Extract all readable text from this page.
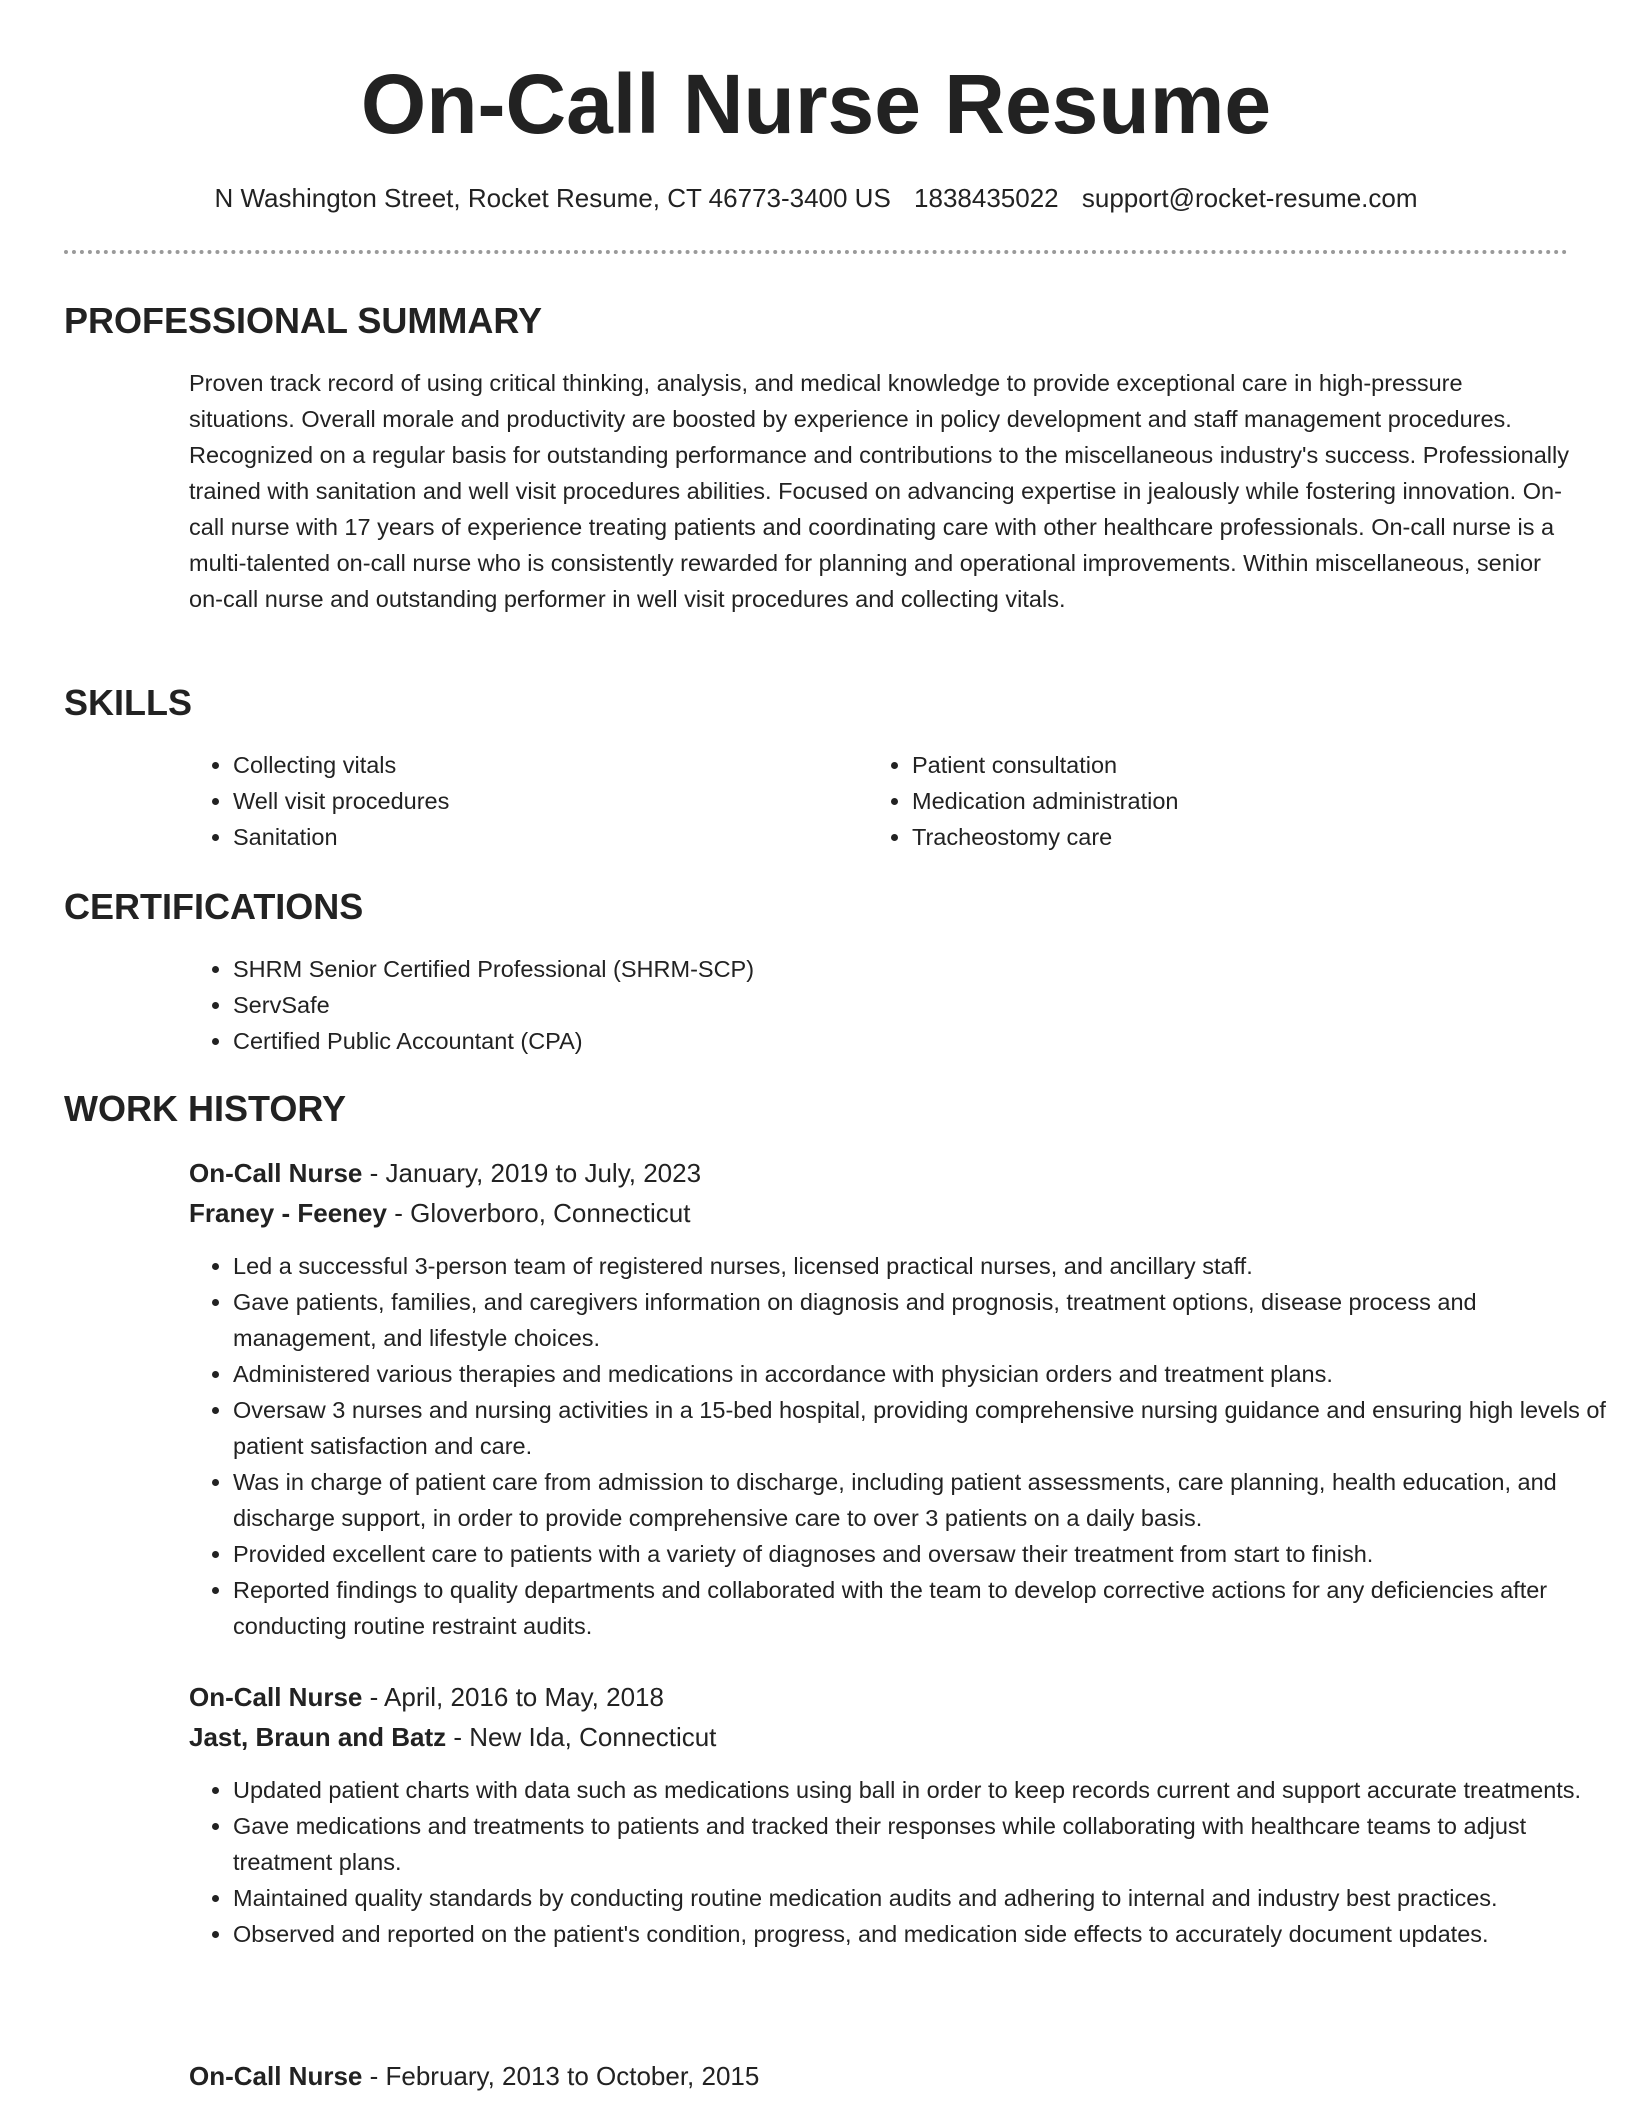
On-Call Nurse Resume
N Washington Street, Rocket Resume, CT 46773-3400 US 1838435022 support@rocket-resume.com
PROFESSIONAL SUMMARY

Proven track record of using critical thinking, analysis, and medical knowledge to provide exceptional care in high-pressure situations. Overall morale and productivity are boosted by experience in policy development and staff management procedures. Recognized on a regular basis for outstanding performance and contributions to the miscellaneous industry's success. Professionally trained with sanitation and well visit procedures abilities. Focused on advancing expertise in jealously while fostering innovation. On-call nurse with 17 years of experience treating patients and coordinating care with other healthcare professionals. On-call nurse is a multi-talented on-call nurse who is consistently rewarded for planning and operational improvements. Within miscellaneous, senior on-call nurse and outstanding performer in well visit procedures and collecting vitals.

SKILLS
• Collecting vitals
• Well visit procedures
• Sanitation
• Patient consultation
• Medication administration
• Tracheostomy care
CERTIFICATIONS
• SHRM Senior Certified Professional (SHRM-SCP)
• ServSafe
• Certified Public Accountant (CPA)
WORK HISTORY
On-Call Nurse - January, 2019 to July, 2023
Franey - Feeney - Gloverboro, Connecticut
• Led a successful 3-person team of registered nurses, licensed practical nurses, and ancillary staff.
• Gave patients, families, and caregivers information on diagnosis and prognosis, treatment options, disease process and management, and lifestyle choices.
• Administered various therapies and medications in accordance with physician orders and treatment plans.
• Oversaw 3 nurses and nursing activities in a 15-bed hospital, providing comprehensive nursing guidance and ensuring high levels of patient satisfaction and care.
• Was in charge of patient care from admission to discharge, including patient assessments, care planning, health education, and discharge support, in order to provide comprehensive care to over 3 patients on a daily basis.
• Provided excellent care to patients with a variety of diagnoses and oversaw their treatment from start to finish.
• Reported findings to quality departments and collaborated with the team to develop corrective actions for any deficiencies after conducting routine restraint audits.
On-Call Nurse - April, 2016 to May, 2018
Jast, Braun and Batz - New Ida, Connecticut
• Updated patient charts with data such as medications using ball in order to keep records current and support accurate treatments.
• Gave medications and treatments to patients and tracked their responses while collaborating with healthcare teams to adjust treatment plans.
• Maintained quality standards by conducting routine medication audits and adhering to internal and industry best practices.
• Observed and reported on the patient's condition, progress, and medication side effects to accurately document updates.
On-Call Nurse - February, 2013 to October, 2015
